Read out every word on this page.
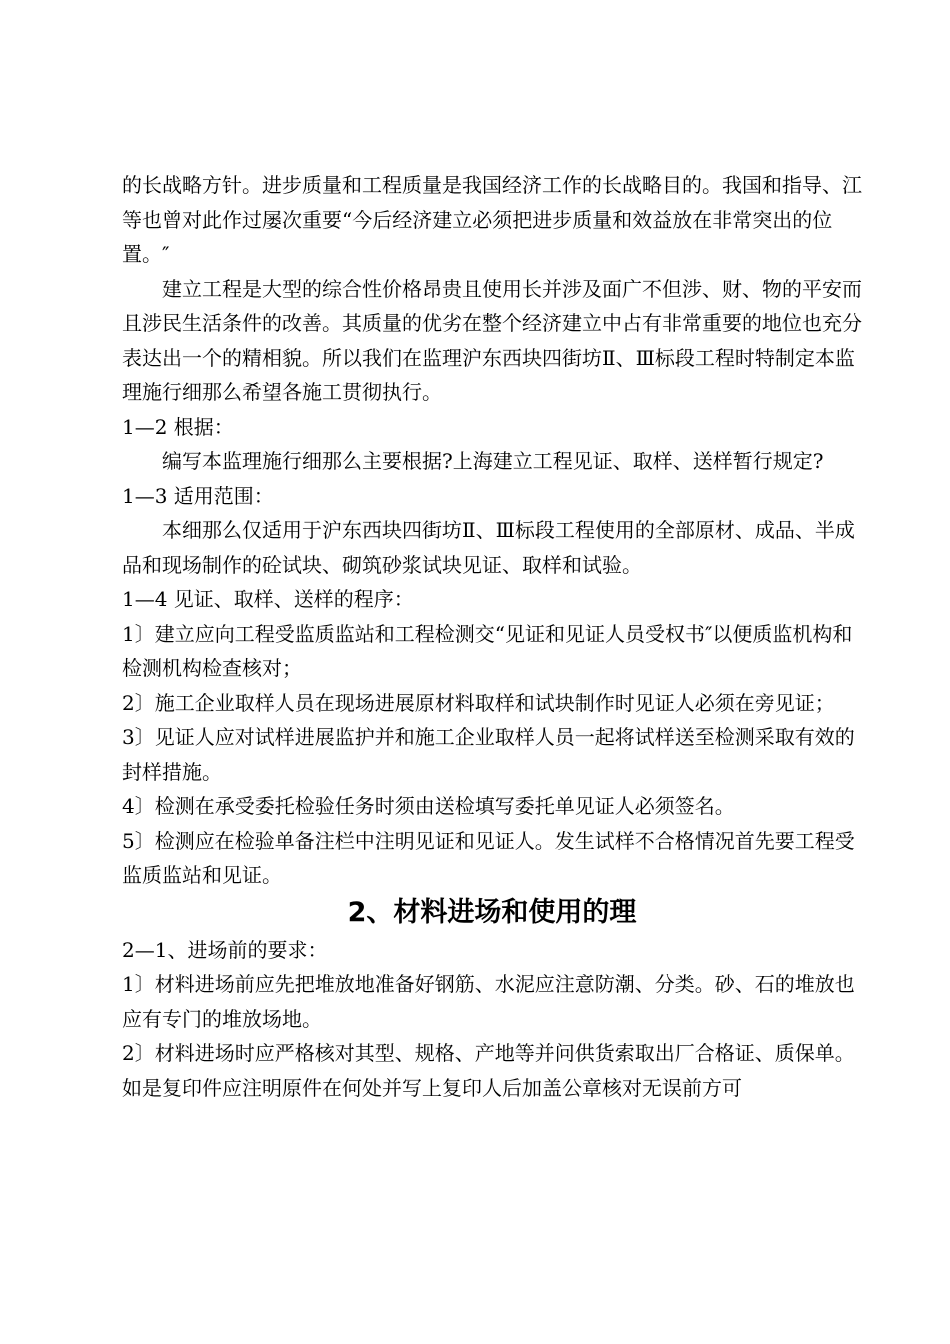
的长战略方针。进步质量和工程质量是我国经济工作的长战略目的。我国和指导、江等也曾对此作过屡次重要“今后经济建立必须把进步质量和效益放在非常突出的位置。″

建立工程是大型的综合性价格昂贵且使用长并涉及面广不但涉、财、物的平安而且涉民生活条件的改善。其质量的优劣在整个经济建立中占有非常重要的地位也充分表达出一个的精相貌。所以我们在监理沪东西块四街坊Ⅱ、Ⅲ标段工程时特制定本监理施行细那么希望各施工贯彻执行。

1—2 根据：

编写本监理施行细那么主要根据?上海建立工程见证、取样、送样暂行规定?

1—3 适用范围：

本细那么仅适用于沪东西块四街坊Ⅱ、Ⅲ标段工程使用的全部原材、成品、半成品和现场制作的砼试块、砌筑砂浆试块见证、取样和试验。

1—4 见证、取样、送样的程序：

1〕建立应向工程受监质监站和工程检测交“见证和见证人员受权书″以便质监机构和检测机构检查核对；

2〕施工企业取样人员在现场进展原材料取样和试块制作时见证人必须在旁见证；

3〕见证人应对试样进展监护并和施工企业取样人员一起将试样送至检测采取有效的封样措施。

4〕检测在承受委托检验任务时须由送检填写委托单见证人必须签名。

5〕检测应在检验单备注栏中注明见证和见证人。发生试样不合格情况首先要工程受监质监站和见证。

2、材料进场和使用的理

2—1、进场前的要求：

1〕材料进场前应先把堆放地准备好钢筋、水泥应注意防潮、分类。砂、石的堆放也应有专门的堆放场地。

2〕材料进场时应严格核对其型、规格、产地等并问供货索取出厂合格证、质保单。如是复印件应注明原件在何处并写上复印人后加盖公章核对无误前方可
